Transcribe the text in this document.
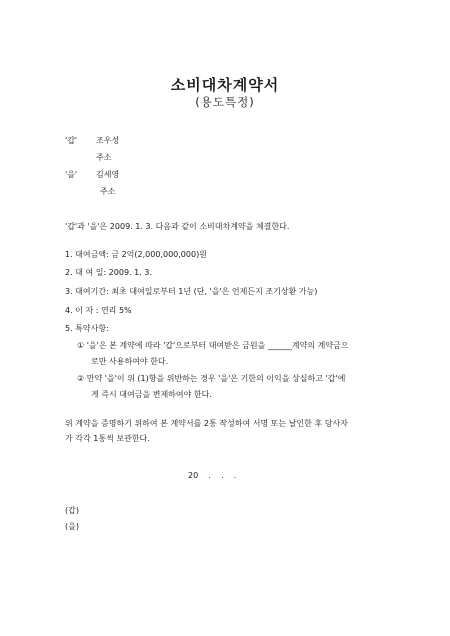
소비대차계약서
(용도특정)
'갑' 조우성
주소
'을' 김세영
주소
'갑'과 '을'은 2009. 1. 3. 다음과 같이 소비대차계약을 체결한다.
1. 대여금액: 금 2억(2,000,000,000)원
2. 대 여 일: 2009. 1. 3.
3. 대여기간: 최초 대여일로부터 1년 (단, '을'은 언제든지 조기상환 가능)
4. 이 자 : 연리 5%
5. 특약사항:
① '을'은 본 계약에 따라 '갑'으로부터 대여받은 금원을 ______계약의 계약금으
로만 사용하여야 한다.
② 만약 '을'이 위 (1)항을 위반하는 경우 '을'은 기한의 이익을 상실하고 '갑'에
게 즉시 대여금을 변제하여야 한다.
위 계약을 증명하기 위하여 본 계약서를 2통 작성하여 서명 또는 날인한 후 당사자
가 각각 1통씩 보관한다.
20    .    .    .
(갑)
(을)
